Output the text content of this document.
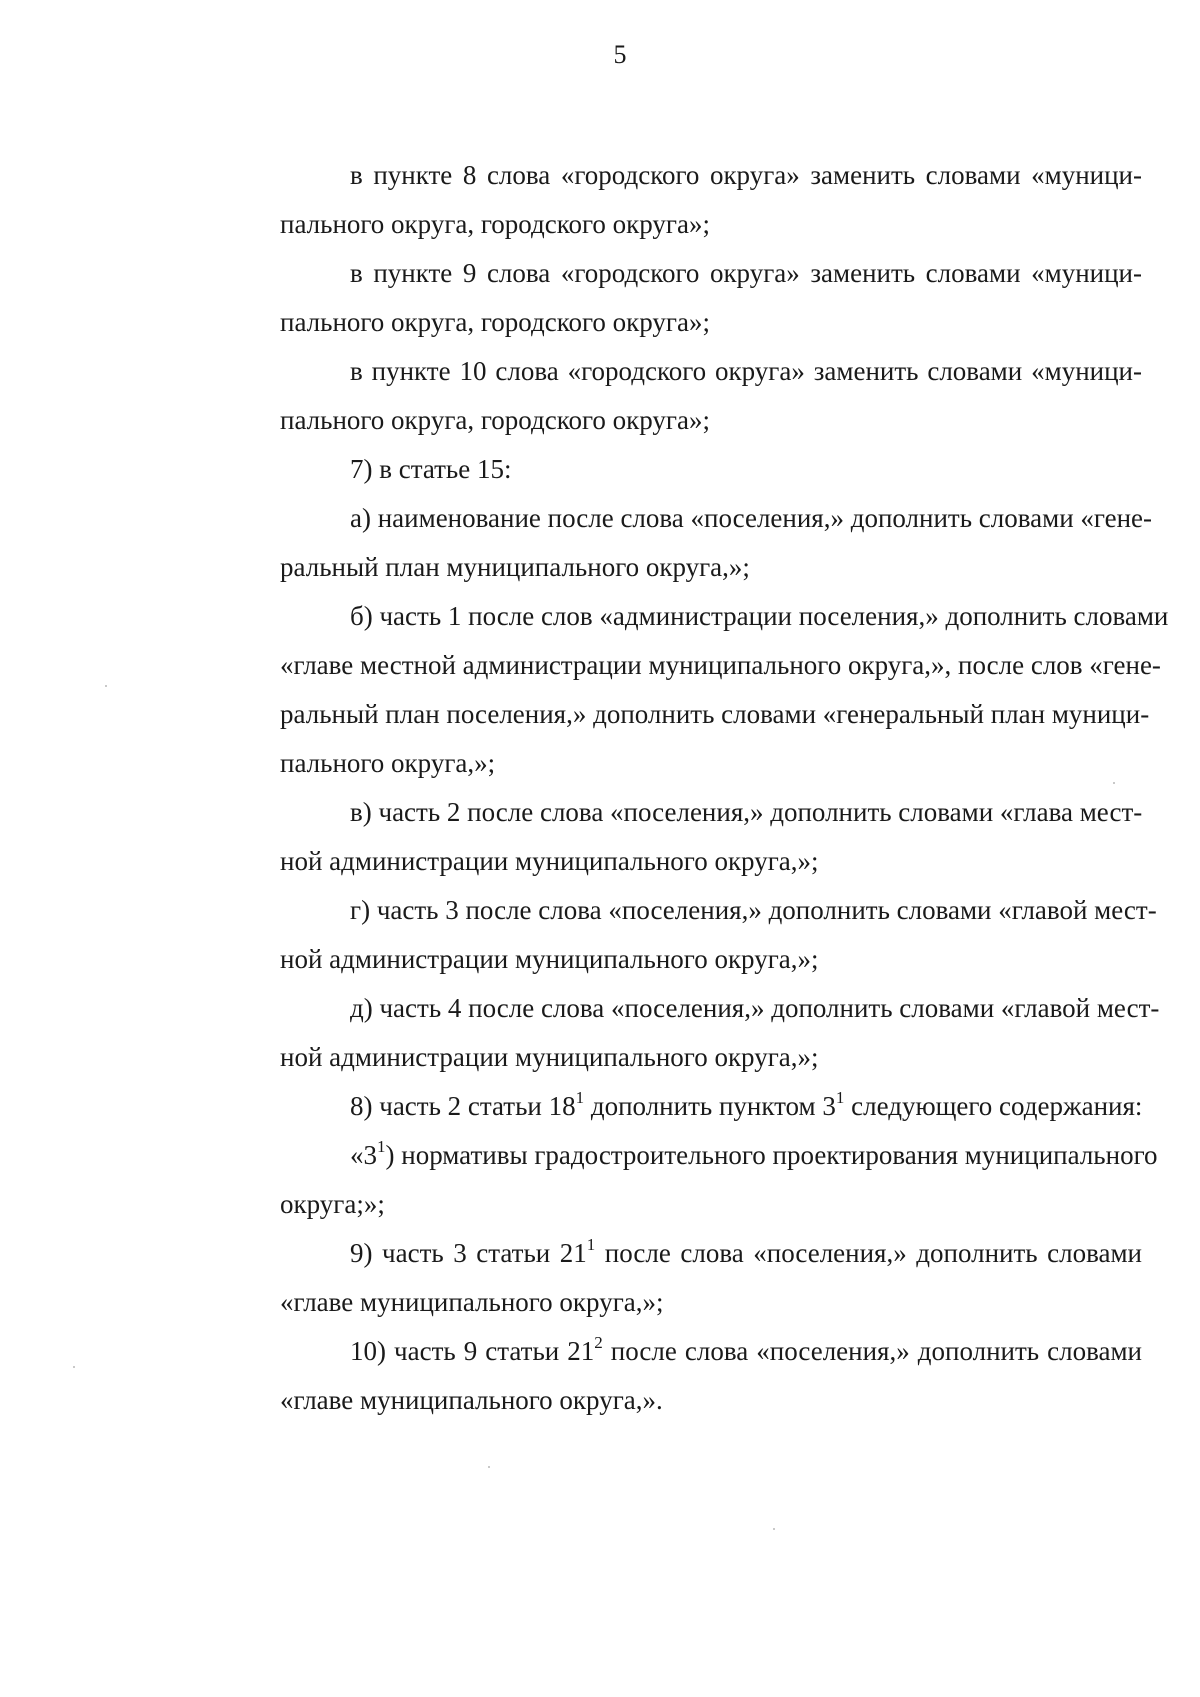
5

в пункте 8 слова «городского округа» заменить словами «муници-
пального округа, городского округа»;

в пункте 9 слова «городского округа» заменить словами «муници-
пального округа, городского округа»;

в пункте 10 слова «городского округа» заменить словами «муници-
пального округа, городского округа»;

7) в статье 15:

а) наименование после слова «поселения,» дополнить словами «гене-
ральный план муниципального округа,»;

б) часть 1 после слов «администрации поселения,» дополнить словами
«главе местной администрации муниципального округа,», после слов «гене-
ральный план поселения,» дополнить словами «генеральный план муници-
пального округа,»;

в) часть 2 после слова «поселения,» дополнить словами «глава мест-
ной администрации муниципального округа,»;

г) часть 3 после слова «поселения,» дополнить словами «главой мест-
ной администрации муниципального округа,»;

д) часть 4 после слова «поселения,» дополнить словами «главой мест-
ной администрации муниципального округа,»;

8) часть 2 статьи $18^1$ дополнить пунктом $3^1$ следующего содержания:

«$3^1$) нормативы градостроительного проектирования муниципального
округа;»;

9) часть 3 статьи $21^1$ после слова «поселения,» дополнить словами
«главе муниципального округа,»;

10) часть 9 статьи $21^2$ после слова «поселения,» дополнить словами
«главе муниципального округа,».
